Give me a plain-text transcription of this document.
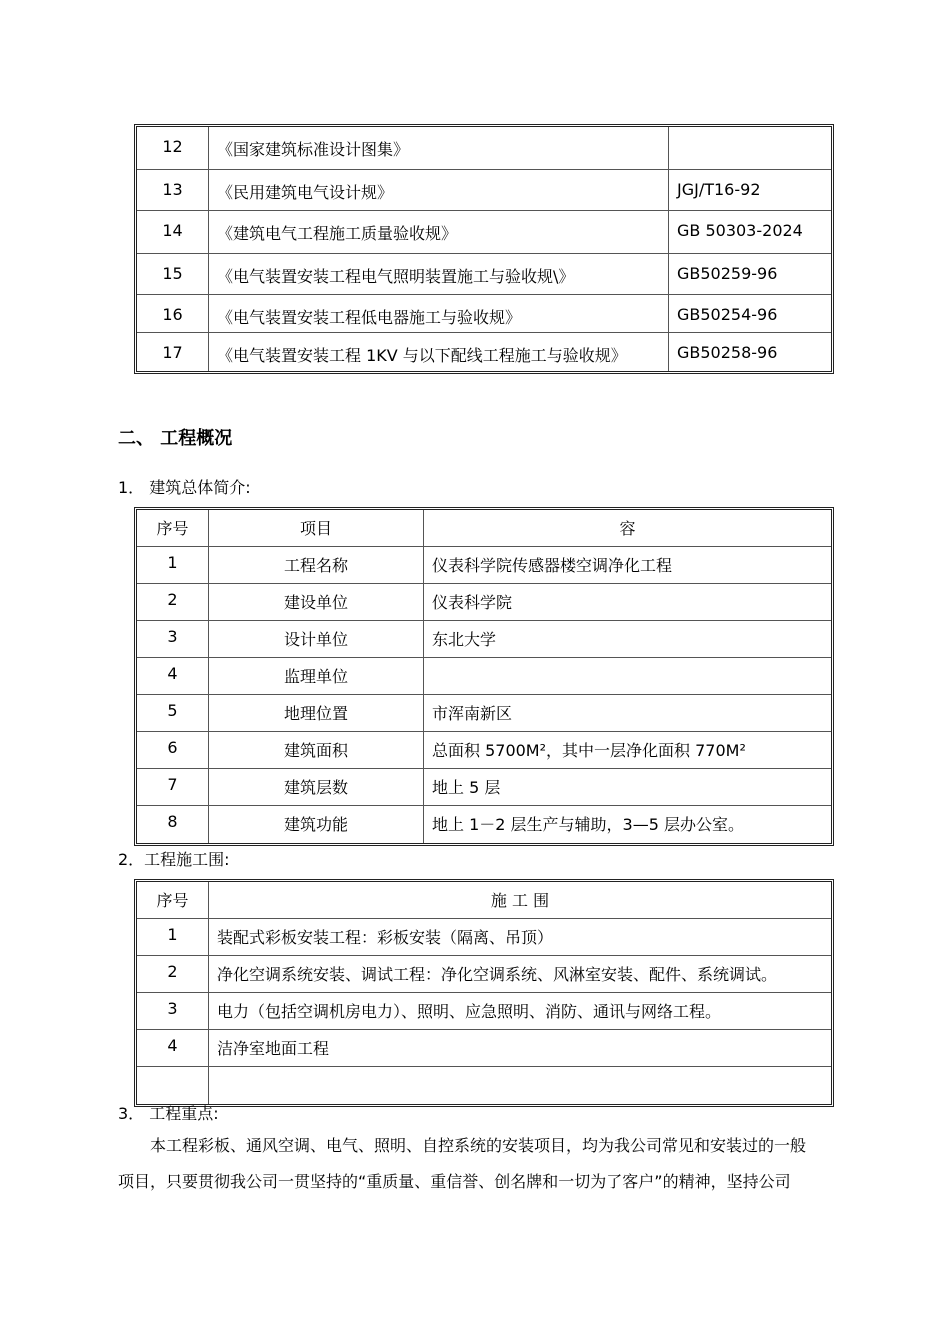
12	《国家建筑标准设计图集》	
13	《民用建筑电气设计规》	JGJ/T16-92
14	《建筑电气工程施工质量验收规》	GB 50303-2024
15	《电气装置安装工程电气照明装置施工与验收规\》	GB50259-96
16	《电气装置安装工程低电器施工与验收规》	GB50254-96
17	《电气装置安装工程 1KV 与以下配线工程施工与验收规》	GB50258-96
二、 工程概况
1． 建筑总体简介:
序号	项目	容
1	工程名称	仪表科学院传感器楼空调净化工程
2	建设单位	仪表科学院
3	设计单位	东北大学
4	监理单位	
5	地理位置	市浑南新区
6	建筑面积	总面积 5700M²，其中一层净化面积 770M²
7	建筑层数	地上 5 层
8	建筑功能	地上 1－2 层生产与辅助，3—5 层办公室。
2．工程施工围:
序号	施 工 围
1	装配式彩板安装工程：彩板安装（隔离、吊顶）
2	净化空调系统安装、调试工程：净化空调系统、风淋室安装、配件、系统调试。
3	电力（包括空调机房电力）、照明、应急照明、消防、通讯与网络工程。
4	洁净室地面工程

3． 工程重点:
本工程彩板、通风空调、电气、照明、自控系统的安装项目，均为我公司常见和安装过的一般
项目，只要贯彻我公司一贯坚持的“重质量、重信誉、创名牌和一切为了客户”的精神，坚持公司
